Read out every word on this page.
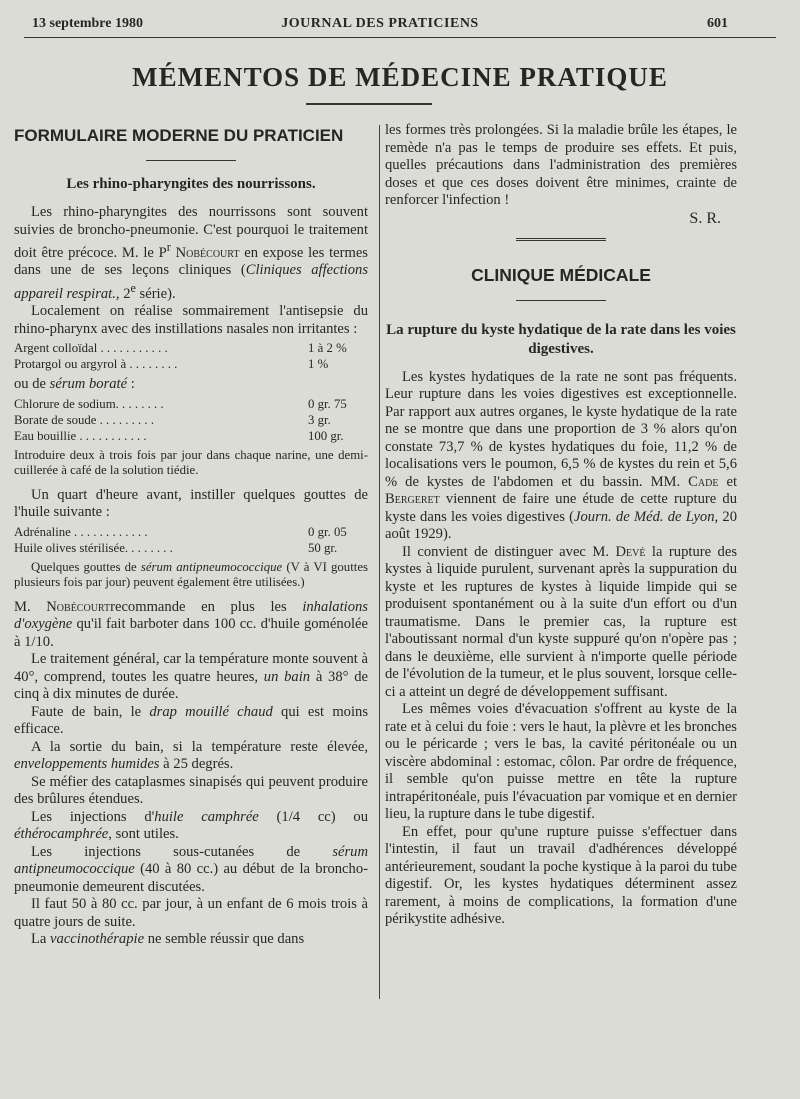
13 septembre 1980	JOURNAL DES PRATICIENS	601
MÉMENTOS DE MÉDECINE PRATIQUE
FORMULAIRE MODERNE DU PRATICIEN
Les rhino-pharyngites des nourrissons.

Les rhino-pharyngites des nourrissons sont souvent suivies de broncho-pneumonie. C'est pourquoi le traitement doit être précoce. M. le $P^r$ Nobécourt en expose les termes dans une de ses leçons cliniques (Cliniques affections appareil respirat., 2e série).

Localement on réalise sommairement l'antisepsie du rhino-pharynx avec des instillations nasales non irritantes :

Argent colloïdal . . . . . . . . . . .	1 à 2 %
Protargol ou argyrol à . . . . . . . .	1 %

ou de sérum boraté :

Chlorure de sodium. . . . . . . .	0 gr. 75
Borate de soude . . . . . . . . .	3 gr.
Eau bouillie . . . . . . . . . . .	100 gr.

Introduire deux à trois fois par jour dans chaque narine, une demi-cuillerée à café de la solution tiédie.

Un quart d'heure avant, instiller quelques gouttes de l'huile suivante :

Adrénaline . . . . . . . . . . . .	0 gr. 05
Huile olives stérilisée. . . . . . . .	50 gr.

Quelques gouttes de sérum antipneumococcique (V à VI gouttes plusieurs fois par jour) peuvent également être utilisées.)

M. Nobécourtrecommande en plus les inhalations d'oxygène qu'il fait barboter dans 100 cc. d'huile goménolée à 1/10.

Le traitement général, car la température monte souvent à 40°, comprend, toutes les quatre heures, un bain à 38° de cinq à dix minutes de durée.

Faute de bain, le drap mouillé chaud qui est moins efficace.

A la sortie du bain, si la température reste élevée, enveloppements humides à 25 degrés.

Se méfier des cataplasmes sinapisés qui peuvent produire des brûlures étendues.

Les injections d'huile camphrée (1/4 cc) ou éthérocamphrée, sont utiles.

Les injections sous-cutanées de sérum antipneumococcique (40 à 80 cc.) au début de la broncho-pneumonie demeurent discutées.

Il faut 50 à 80 cc. par jour, à un enfant de 6 mois trois à quatre jours de suite.

La vaccinothérapie ne semble réussir que dans

les formes très prolongées. Si la maladie brûle les étapes, le remède n'a pas le temps de produire ses effets. Et puis, quelles précautions dans l'administration des premières doses et que ces doses doivent être minimes, crainte de renforcer l'infection !

S. R.
CLINIQUE MÉDICALE
La rupture du kyste hydatique de la rate dans les voies digestives.

Les kystes hydatiques de la rate ne sont pas fréquents. Leur rupture dans les voies digestives est exceptionnelle. Par rapport aux autres organes, le kyste hydatique de la rate ne se montre que dans une proportion de 3 % alors qu'on constate 73,7 % de kystes hydatiques du foie, 11,2 % de localisations vers le poumon, 6,5 % de kystes du rein et 5,6 % de kystes de l'abdomen et du bassin. MM. Cade et Bergeret viennent de faire une étude de cette rupture du kyste dans les voies digestives (Journ. de Méd. de Lyon, 20 août 1929).

Il convient de distinguer avec M. Devé la rupture des kystes à liquide purulent, survenant après la suppuration du kyste et les ruptures de kystes à liquide limpide qui se produisent spontanément ou à la suite d'un effort ou d'un traumatisme. Dans le premier cas, la rupture est l'aboutissant normal d'un kyste suppuré qu'on n'opère pas ; dans le deuxième, elle survient à n'importe quelle période de l'évolution de la tumeur, et le plus souvent, lorsque celle-ci a atteint un degré de développement suffisant.

Les mêmes voies d'évacuation s'offrent au kyste de la rate et à celui du foie : vers le haut, la plèvre et les bronches ou le péricarde ; vers le bas, la cavité péritonéale ou un viscère abdominal : estomac, côlon. Par ordre de fréquence, il semble qu'on puisse mettre en tête la rupture intrapéritonéale, puis l'évacuation par vomique et en dernier lieu, la rupture dans le tube digestif.

En effet, pour qu'une rupture puisse s'effectuer dans l'intestin, il faut un travail d'adhérences développé antérieurement, soudant la poche kystique à la paroi du tube digestif. Or, les kystes hydatiques déterminent assez rarement, à moins de complications, la formation d'une périkystite adhésive.
